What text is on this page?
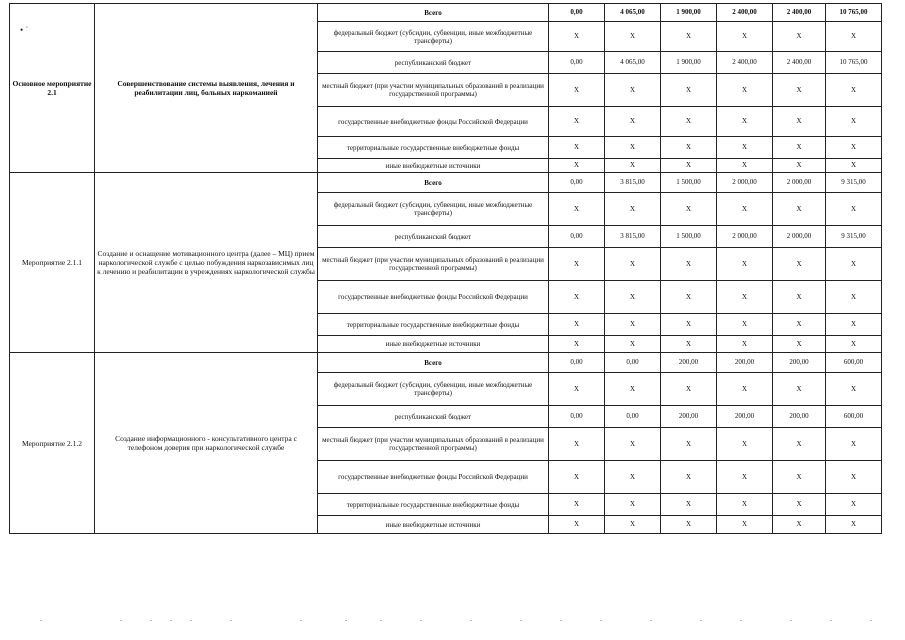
• ˙
Основное мероприятие 2.1	Совершенствование системы выявления, лечения и реабилитации лиц, больных наркоманией	Всего	0,00	4 065,00	1 900,00	2 400,00	2 400,00	10 765,00
		федеральный бюджет (субсидии, субвенции, иные межбюджетные трансферты)	X	X	X	X	X	X
		республиканский бюджет	0,00	4 065,00	1 900,00	2 400,00	2 400,00	10 765,00
		местный бюджет (при участии муниципальных образований в реализации государственной программы)	X	X	X	X	X	X
		государственные внебюджетные фонды Российской Федерации	X	X	X	X	X	X
		территориальные государственные внебюджетные фонды	X	X	X	X	X	X
		иные внебюджетные источники	X	X	X	X	X	X
Мероприятие 2.1.1	Создание и оснащение мотивационного центра (далее – МЦ) прием наркологической службе с целью побуждения наркозависимых лиц к лечению и реабилитации в учреждениях наркологической службы	Всего	0,00	3 815,00	1 500,00	2 000,00	2 000,00	9 315,00
		федеральный бюджет (субсидии, субвенции, иные межбюджетные трансферты)	X	X	X	X	X	X
		республиканский бюджет	0,00	3 815,00	1 500,00	2 000,00	2 000,00	9 315,00
		местный бюджет (при участии муниципальных образований в реализации государственной программы)	X	X	X	X	X	X
		государственные внебюджетные фонды Российской Федерации	X	X	X	X	X	X
		территориальные государственные внебюджетные фонды	X	X	X	X	X	X
		иные внебюджетные источники	X	X	X	X	X	X
Мероприятие 2.1.2	Создание информационного - консультативного центра с телефоном доверия при наркологической службе	Всего	0,00	0,00	200,00	200,00	200,00	600,00
		федеральный бюджет (субсидии, субвенции, иные межбюджетные трансферты)	X	X	X	X	X	X
		республиканский бюджет	0,00	0,00	200,00	200,00	200,00	600,00
		местный бюджет (при участии муниципальных образований в реализации государственной программы)	X	X	X	X	X	X
		государственные внебюджетные фонды Российской Федерации	X	X	X	X	X	X
		территориальные государственные внебюджетные фонды	X	X	X	X	X	X
		иные внебюджетные источники	X	X	X	X	X	X
